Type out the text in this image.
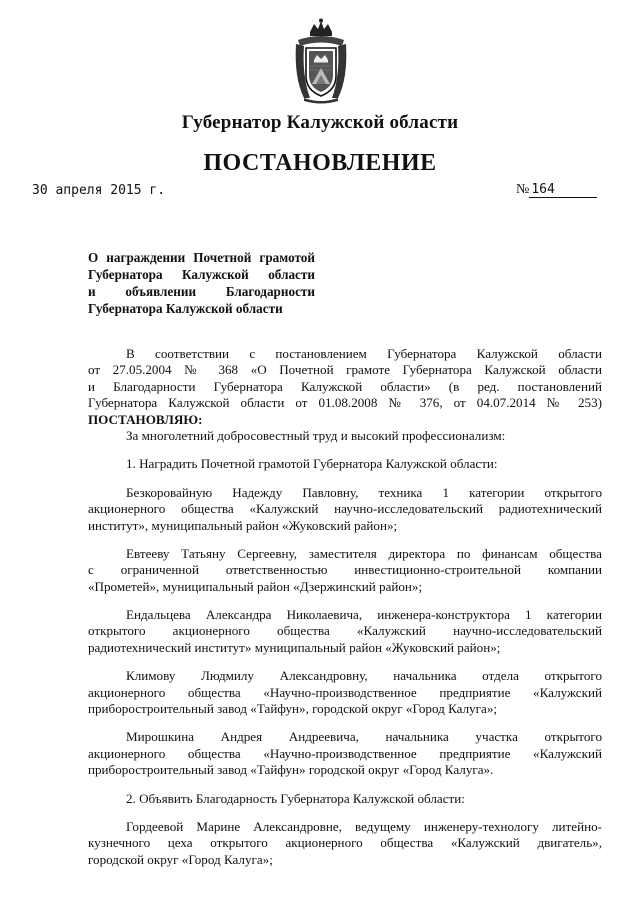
Губернатор Калужской области
ПОСТАНОВЛЕНИЕ
30 апреля 2015 г.	№ 164
О награждении Почетной грамотой
Губернатора Калужской области
и объявлении Благодарности
Губернатора Калужской области
В соответствии с постановлением Губернатора Калужской области
от 27.05.2004 № 368 «О Почетной грамоте Губернатора Калужской области
и Благодарности Губернатора Калужской области» (в ред. постановлений
Губернатора Калужской области от 01.08.2008 № 376, от 04.07.2014 № 253)
ПОСТАНОВЛЯЮ:
За многолетний добросовестный труд и высокий профессионализм:
1. Наградить Почетной грамотой Губернатора Калужской области:
Безкоровайную Надежду Павловну, техника 1 категории открытого
акционерного общества «Калужский научно-исследовательский радиотехнический
институт», муниципальный район «Жуковский район»;
Евтееву Татьяну Сергеевну, заместителя директора по финансам общества
с ограниченной ответственностью инвестиционно-строительной компании
«Прометей», муниципальный район «Дзержинский район»;
Ендальцева Александра Николаевича, инженера-конструктора 1 категории
открытого акционерного общества «Калужский научно-исследовательский
радиотехнический институт» муниципальный район «Жуковский район»;
Климову Людмилу Александровну, начальника отдела открытого
акционерного общества «Научно-производственное предприятие «Калужский
приборостроительный завод «Тайфун», городской округ «Город Калуга»;
Мирошкина Андрея Андреевича, начальника участка открытого
акционерного общества «Научно-производственное предприятие «Калужский
приборостроительный завод «Тайфун» городской округ «Город Калуга».
2. Объявить Благодарность Губернатора Калужской области:
Гордеевой Марине Александровне, ведущему инженеру-технологу литейно-
кузнечного цеха открытого акционерного общества «Калужский двигатель»,
городской округ «Город Калуга»;
